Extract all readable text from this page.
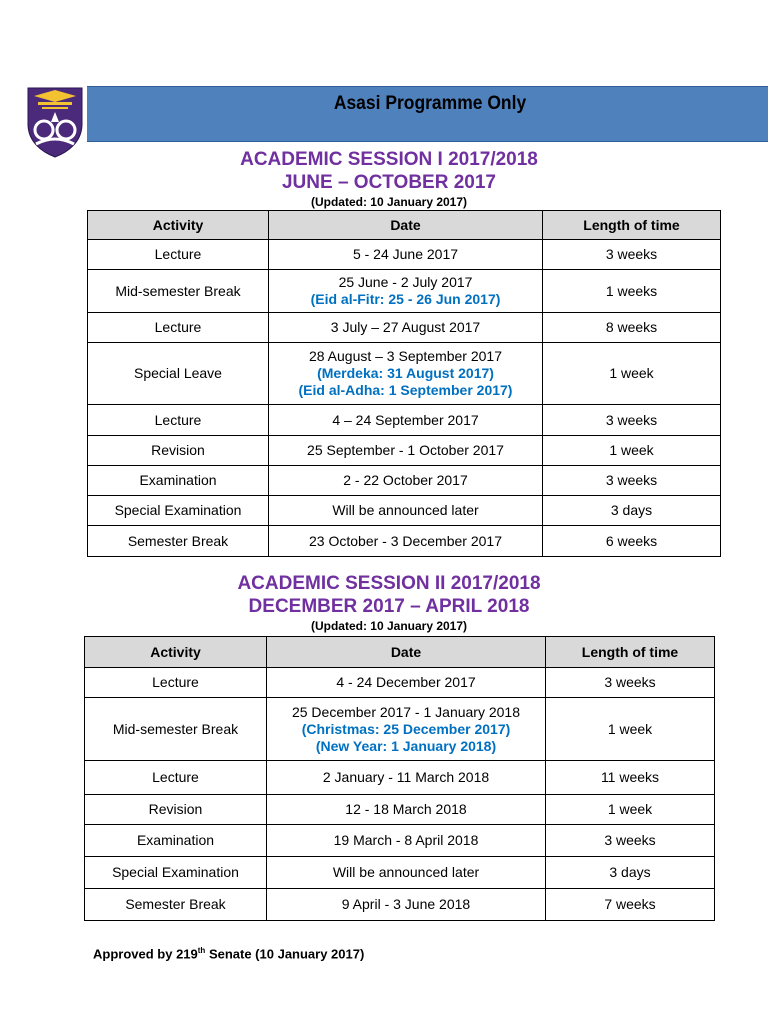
Asasi Programme Only
ACADEMIC SESSION I 2017/2018
JUNE – OCTOBER 2017
(Updated: 10 January 2017)
Activity	Date	Length of time
Lecture	5 - 24 June 2017	3 weeks
Mid-semester Break	25 June - 2 July 2017
(Eid al-Fitr: 25 - 26 Jun 2017)	1 weeks
Lecture	3 July – 27 August 2017	8 weeks
Special Leave	28 August – 3 September 2017
(Merdeka: 31 August 2017)
(Eid al-Adha: 1 September 2017)	1 week
Lecture	4 – 24 September 2017	3 weeks
Revision	25 September - 1 October 2017	1 week
Examination	2 - 22 October 2017	3 weeks
Special Examination	Will be announced later	3 days
Semester Break	23 October - 3 December 2017	6 weeks
ACADEMIC SESSION II 2017/2018
DECEMBER 2017 – APRIL 2018
(Updated: 10 January 2017)
Activity	Date	Length of time
Lecture	4 - 24 December 2017	3 weeks
Mid-semester Break	25 December 2017 - 1 January 2018
(Christmas: 25 December 2017)
(New Year: 1 January 2018)	1 week
Lecture	2 January - 11 March 2018	11 weeks
Revision	12 - 18 March 2018	1 week
Examination	19 March - 8 April 2018	3 weeks
Special Examination	Will be announced later	3 days
Semester Break	9 April - 3 June 2018	7 weeks
Approved by 219th Senate (10 January 2017)
